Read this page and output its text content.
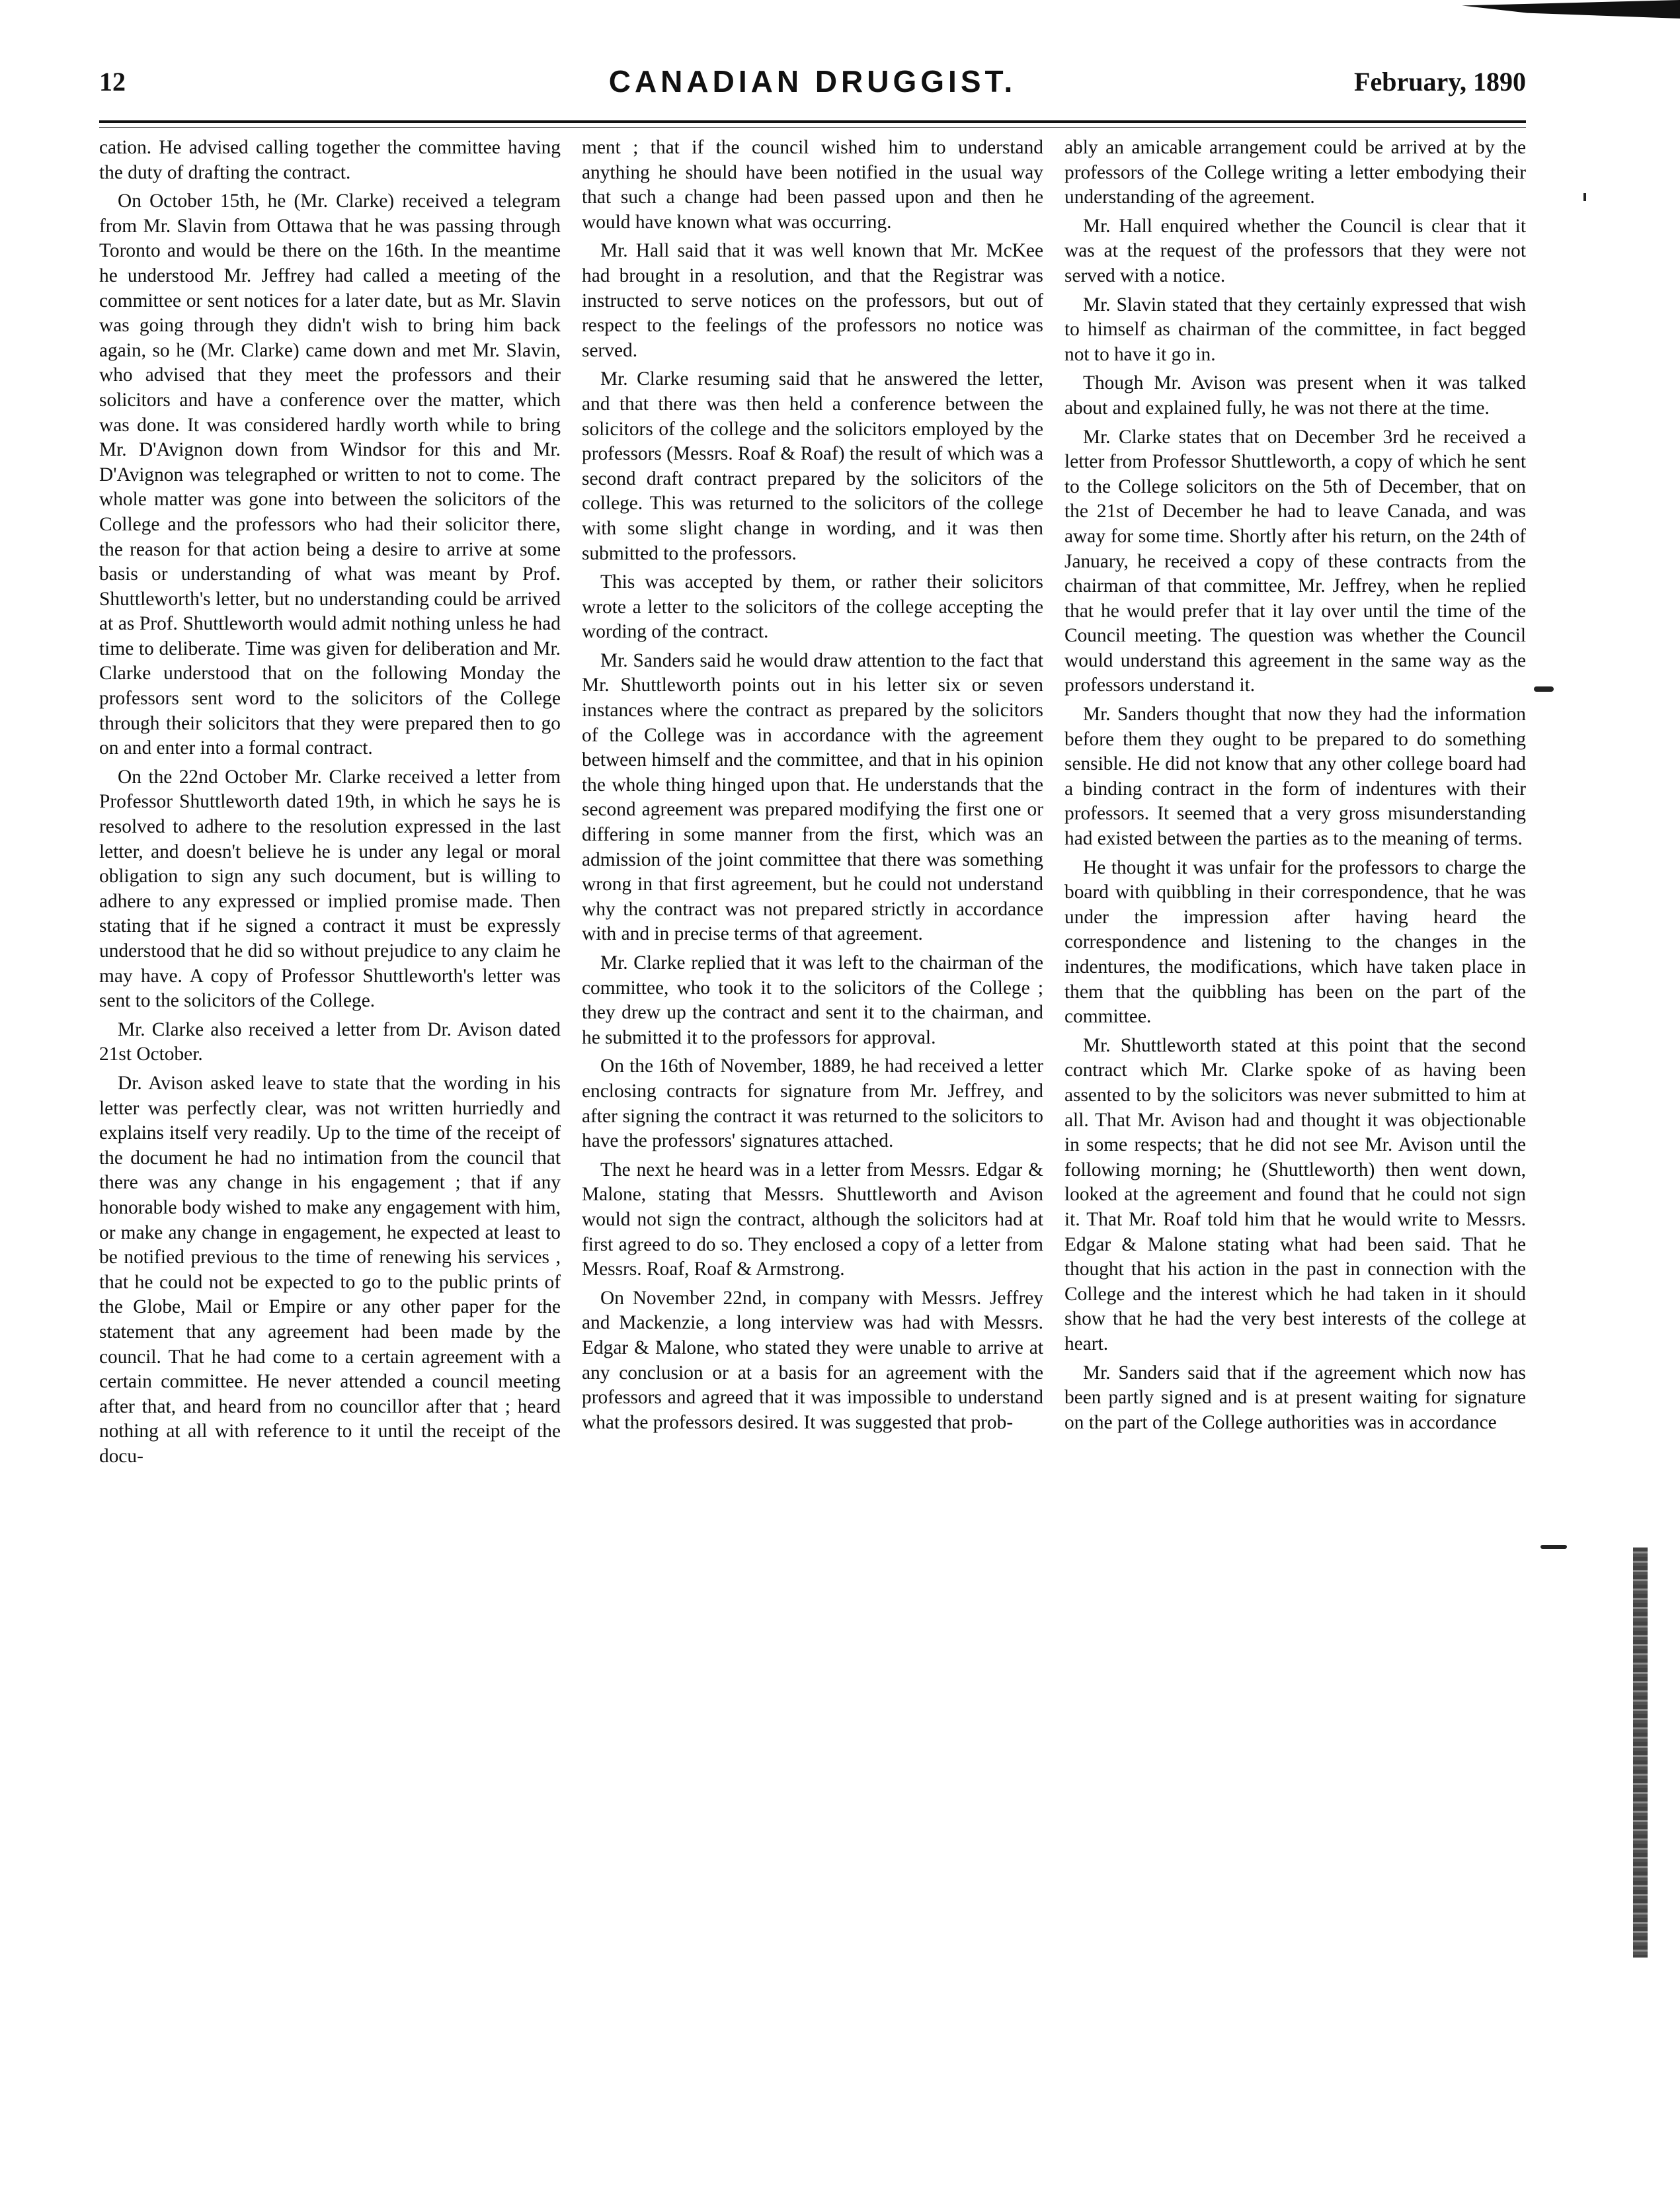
12	CANADIAN DRUGGIST.	February, 1890

cation. He advised calling together the committee having the duty of drafting the contract.

On October 15th, he (Mr. Clarke) received a telegram from Mr. Slavin from Ottawa that he was passing through Toronto and would be there on the 16th. In the meantime he understood Mr. Jeffrey had called a meeting of the committee or sent notices for a later date, but as Mr. Slavin was going through they didn't wish to bring him back again, so he (Mr. Clarke) came down and met Mr. Slavin, who advised that they meet the professors and their solicitors and have a conference over the matter, which was done. It was considered hardly worth while to bring Mr. D'Avignon down from Windsor for this and Mr. D'Avignon was telegraphed or written to not to come. The whole matter was gone into between the solicitors of the College and the professors who had their solicitor there, the reason for that action being a desire to arrive at some basis or understanding of what was meant by Prof. Shuttleworth's letter, but no understanding could be arrived at as Prof. Shuttleworth would admit nothing unless he had time to deliberate. Time was given for deliberation and Mr. Clarke understood that on the following Monday the professors sent word to the solicitors of the College through their solicitors that they were prepared then to go on and enter into a formal contract.

On the 22nd October Mr. Clarke received a letter from Professor Shuttleworth dated 19th, in which he says he is resolved to adhere to the resolution expressed in the last letter, and doesn't believe he is under any legal or moral obligation to sign any such document, but is willing to adhere to any expressed or implied promise made. Then stating that if he signed a contract it must be expressly understood that he did so without prejudice to any claim he may have. A copy of Professor Shuttleworth's letter was sent to the solicitors of the College.

Mr. Clarke also received a letter from Dr. Avison dated 21st October.

Dr. Avison asked leave to state that the wording in his letter was perfectly clear, was not written hurriedly and explains itself very readily. Up to the time of the receipt of the document he had no intimation from the council that there was any change in his engagement ; that if any honorable body wished to make any engagement with him, or make any change in engagement, he expected at least to be notified previous to the time of renewing his services , that he could not be expected to go to the public prints of the Globe, Mail or Empire or any other paper for the statement that any agreement had been made by the council. That he had come to a certain agreement with a certain committee. He never attended a council meeting after that, and heard from no councillor after that ; heard nothing at all with reference to it until the receipt of the docu-

ment ; that if the council wished him to understand anything he should have been notified in the usual way that such a change had been passed upon and then he would have known what was occurring.

Mr. Hall said that it was well known that Mr. McKee had brought in a resolution, and that the Registrar was instructed to serve notices on the professors, but out of respect to the feelings of the professors no notice was served.

Mr. Clarke resuming said that he answered the letter, and that there was then held a conference between the solicitors of the college and the solicitors employed by the professors (Messrs. Roaf & Roaf) the result of which was a second draft contract prepared by the solicitors of the college. This was returned to the solicitors of the college with some slight change in wording, and it was then submitted to the professors.

This was accepted by them, or rather their solicitors wrote a letter to the solicitors of the college accepting the wording of the contract.

Mr. Sanders said he would draw attention to the fact that Mr. Shuttleworth points out in his letter six or seven instances where the contract as prepared by the solicitors of the College was in accordance with the agreement between himself and the committee, and that in his opinion the whole thing hinged upon that. He understands that the second agreement was prepared modifying the first one or differing in some manner from the first, which was an admission of the joint committee that there was something wrong in that first agreement, but he could not understand why the contract was not prepared strictly in accordance with and in precise terms of that agreement.

Mr. Clarke replied that it was left to the chairman of the committee, who took it to the solicitors of the College ; they drew up the contract and sent it to the chairman, and he submitted it to the professors for approval.

On the 16th of November, 1889, he had received a letter enclosing contracts for signature from Mr. Jeffrey, and after signing the contract it was returned to the solicitors to have the professors' signatures attached.

The next he heard was in a letter from Messrs. Edgar & Malone, stating that Messrs. Shuttleworth and Avison would not sign the contract, although the solicitors had at first agreed to do so. They enclosed a copy of a letter from Messrs. Roaf, Roaf & Armstrong.

On November 22nd, in company with Messrs. Jeffrey and Mackenzie, a long interview was had with Messrs. Edgar & Malone, who stated they were unable to arrive at any conclusion or at a basis for an agreement with the professors and agreed that it was impossible to understand what the professors desired. It was suggested that prob-

ably an amicable arrangement could be arrived at by the professors of the College writing a letter embodying their understanding of the agreement.

Mr. Hall enquired whether the Council is clear that it was at the request of the professors that they were not served with a notice.

Mr. Slavin stated that they certainly expressed that wish to himself as chairman of the committee, in fact begged not to have it go in.

Though Mr. Avison was present when it was talked about and explained fully, he was not there at the time.

Mr. Clarke states that on December 3rd he received a letter from Professor Shuttleworth, a copy of which he sent to the College solicitors on the 5th of December, that on the 21st of December he had to leave Canada, and was away for some time. Shortly after his return, on the 24th of January, he received a copy of these contracts from the chairman of that committee, Mr. Jeffrey, when he replied that he would prefer that it lay over until the time of the Council meeting. The question was whether the Council would understand this agreement in the same way as the professors understand it.

Mr. Sanders thought that now they had the information before them they ought to be prepared to do something sensible. He did not know that any other college board had a binding contract in the form of indentures with their professors. It seemed that a very gross misunderstanding had existed between the parties as to the meaning of terms.

He thought it was unfair for the professors to charge the board with quibbling in their correspondence, that he was under the impression after having heard the correspondence and listening to the changes in the indentures, the modifications, which have taken place in them that the quibbling has been on the part of the committee.

Mr. Shuttleworth stated at this point that the second contract which Mr. Clarke spoke of as having been assented to by the solicitors was never submitted to him at all. That Mr. Avison had and thought it was objectionable in some respects; that he did not see Mr. Avison until the following morning; he (Shuttleworth) then went down, looked at the agreement and found that he could not sign it. That Mr. Roaf told him that he would write to Messrs. Edgar & Malone stating what had been said. That he thought that his action in the past in connection with the College and the interest which he had taken in it should show that he had the very best interests of the college at heart.

Mr. Sanders said that if the agreement which now has been partly signed and is at present waiting for signature on the part of the College authorities was in accordance
